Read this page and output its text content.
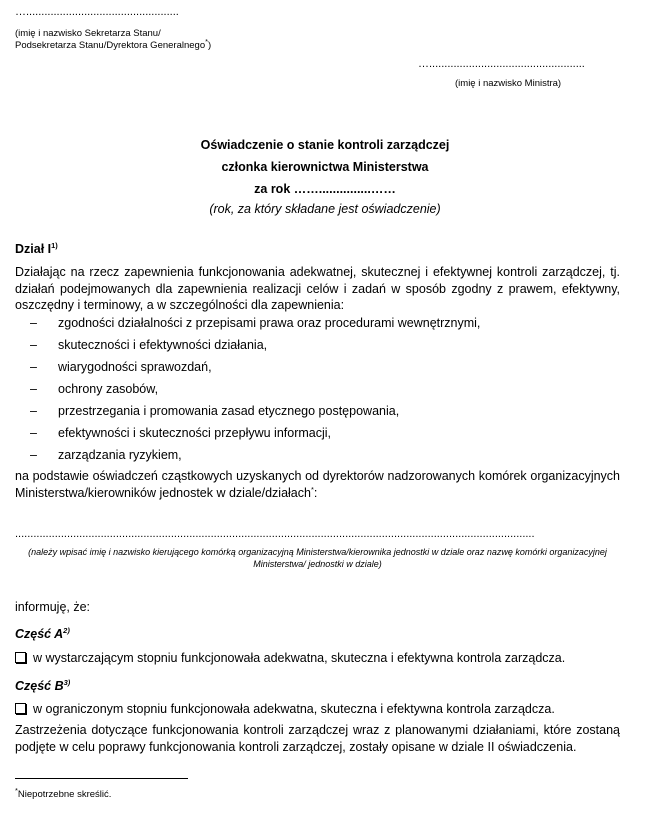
…..................................................
(imię i nazwisko Sekretarza Stanu/
Podsekretarza Stanu/Dyrektora Generalnego*)
…...................................................
(imię i nazwisko Ministra)
Oświadczenie o stanie kontroli zarządczej
członka kierownictwa Ministerstwa
za rok ……...............……
(rok, za który składane jest oświadczenie)
Dział $I^{1)}$
Działając na rzecz zapewnienia funkcjonowania adekwatnej, skutecznej i efektywnej kontroli zarządczej, tj. działań podejmowanych dla zapewnienia realizacji celów i zadań w sposób zgodny z prawem, efektywny, oszczędny i terminowy, a w szczególności dla zapewnienia:
– zgodności działalności z przepisami prawa oraz procedurami wewnętrznymi,
– skuteczności i efektywności działania,
– wiarygodności sprawozdań,
– ochrony zasobów,
– przestrzegania i promowania zasad etycznego postępowania,
– efektywności i skuteczności przepływu informacji,
– zarządzania ryzykiem,
na podstawie oświadczeń cząstkowych uzyskanych od dyrektorów nadzorowanych komórek organizacyjnych Ministerstwa/kierowników jednostek w dziale/działach*:
..........................................................................................................................................................................
(należy wpisać imię i nazwisko kierującego komórką organizacyjną Ministerstwa/kierownika jednostki w dziale oraz nazwę komórki organizacyjnej Ministerstwa/ jednostki w dziale)
informuję, że:
Część $A^{2)}$
w wystarczającym stopniu funkcjonowała adekwatna, skuteczna i efektywna kontrola zarządcza.
Część $B^{3)}$
w ograniczonym stopniu funkcjonowała adekwatna, skuteczna i efektywna kontrola zarządcza.
Zastrzeżenia dotyczące funkcjonowania kontroli zarządczej wraz z planowanymi działaniami, które zostaną podjęte w celu poprawy funkcjonowania kontroli zarządczej, zostały opisane w dziale II oświadczenia.
*Niepotrzebne skreślić.
